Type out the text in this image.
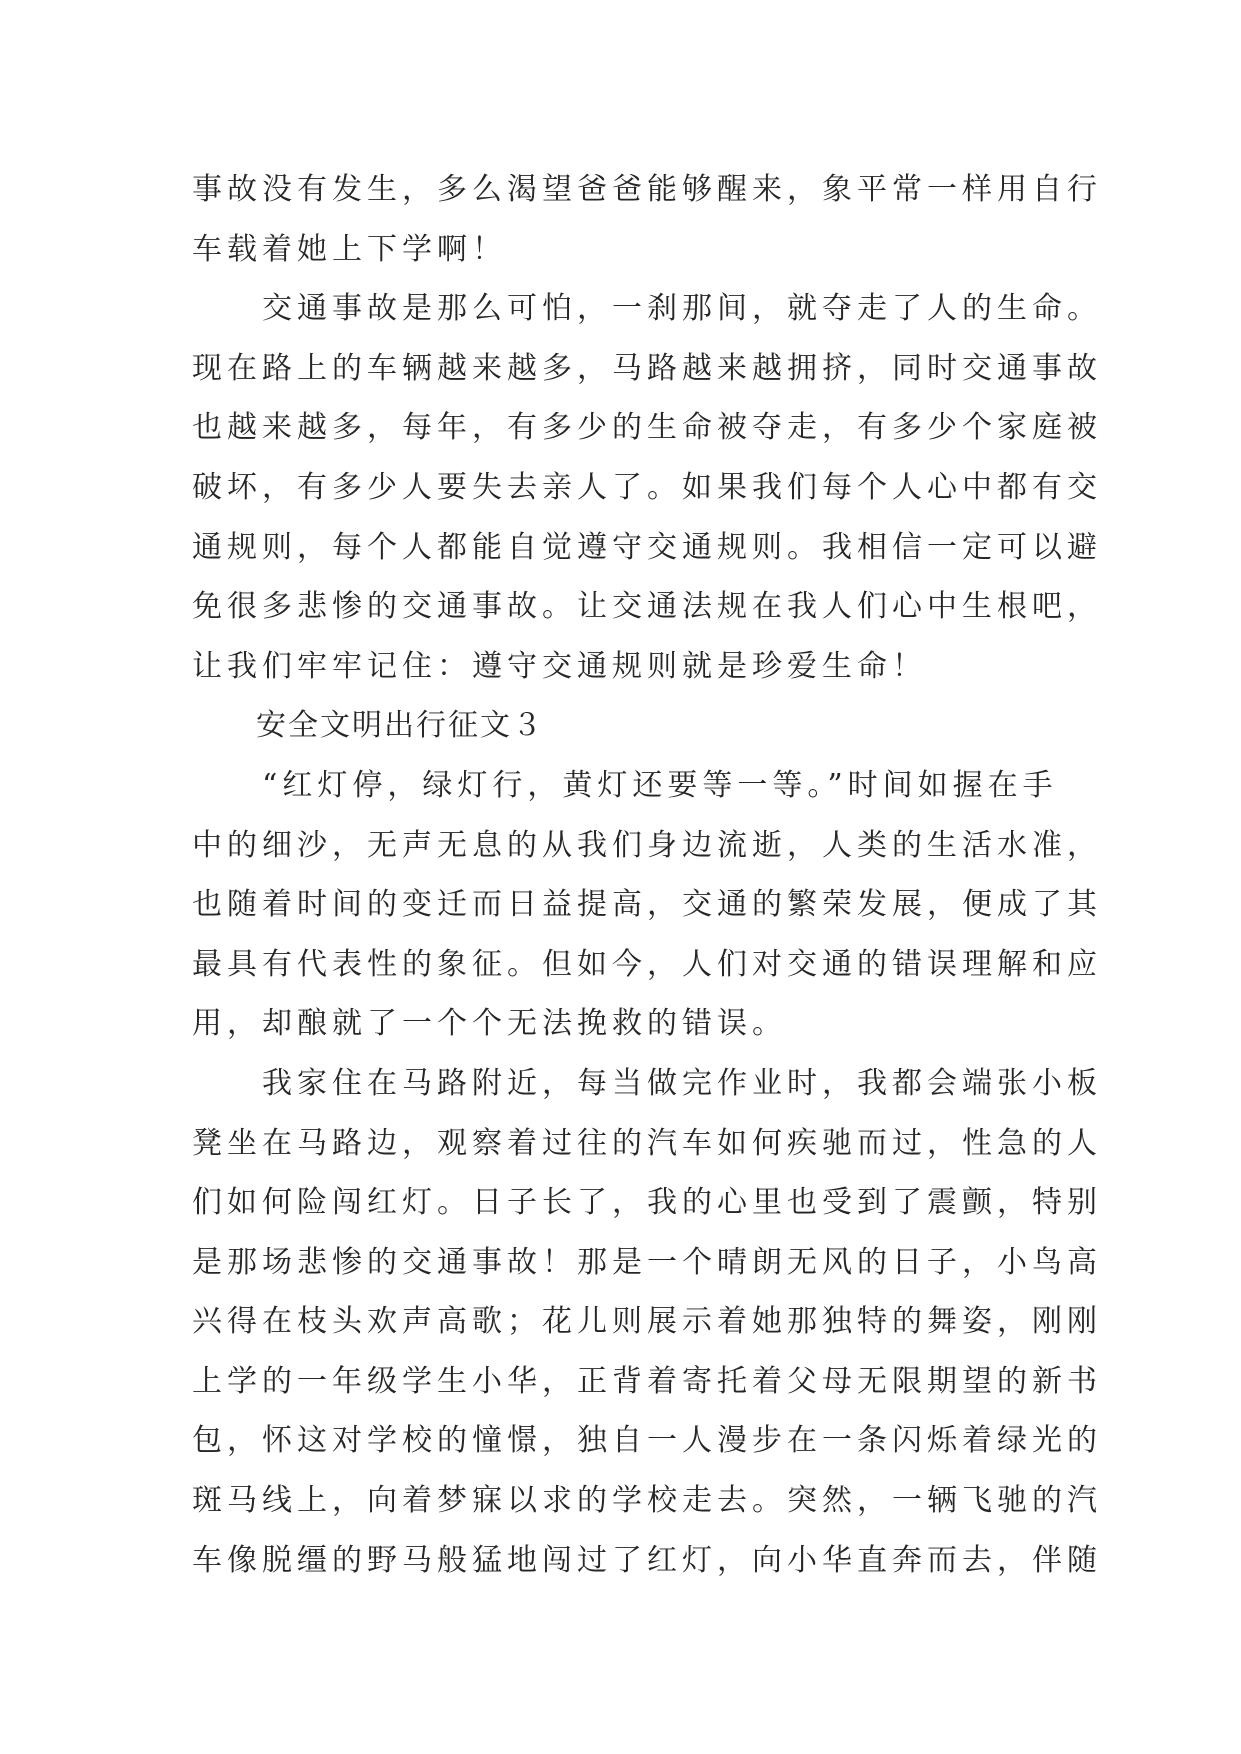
事故没有发生，多么渴望爸爸能够醒来，象平常一样用自行
车载着她上下学啊！
　　交通事故是那么可怕，一刹那间，就夺走了人的生命。
现在路上的车辆越来越多，马路越来越拥挤，同时交通事故
也越来越多，每年，有多少的生命被夺走，有多少个家庭被
破坏，有多少人要失去亲人了。如果我们每个人心中都有交
通规则，每个人都能自觉遵守交通规则。我相信一定可以避
免很多悲惨的交通事故。让交通法规在我人们心中生根吧，
让我们牢牢记住：遵守交通规则就是珍爱生命！
　　安全文明出行征文３
　　“红灯停，绿灯行，黄灯还要等一等。”时间如握在手
中的细沙，无声无息的从我们身边流逝，人类的生活水准，
也随着时间的变迁而日益提高，交通的繁荣发展，便成了其
最具有代表性的象征。但如今，人们对交通的错误理解和应
用，却酿就了一个个无法挽救的错误。
　　我家住在马路附近，每当做完作业时，我都会端张小板
凳坐在马路边，观察着过往的汽车如何疾驰而过，性急的人
们如何险闯红灯。日子长了，我的心里也受到了震颤，特别
是那场悲惨的交通事故！那是一个晴朗无风的日子，小鸟高
兴得在枝头欢声高歌；花儿则展示着她那独特的舞姿，刚刚
上学的一年级学生小华，正背着寄托着父母无限期望的新书
包，怀这对学校的憧憬，独自一人漫步在一条闪烁着绿光的
斑马线上，向着梦寐以求的学校走去。突然，一辆飞驰的汽
车像脱缰的野马般猛地闯过了红灯，向小华直奔而去，伴随
